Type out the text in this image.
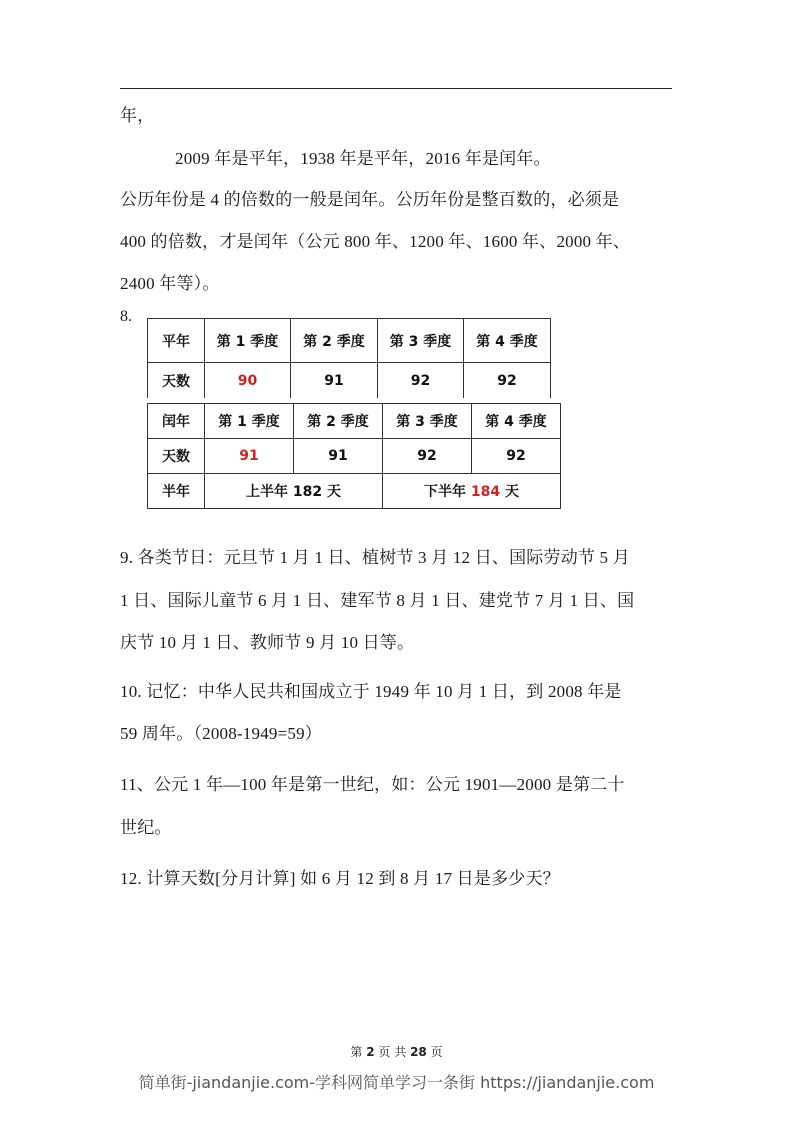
年，
2009 年是平年，1938 年是平年，2016 年是闰年。
公历年份是 4 的倍数的一般是闰年。公历年份是整百数的，必须是
400 的倍数，才是闰年（公元 800 年、1200 年、1600 年、2000 年、
2400 年等）。
8.
平年	第 1 季度	第 2 季度	第 3 季度	第 4 季度
天数	90	91	92	92
闰年	第 1 季度	第 2 季度	第 3 季度	第 4 季度
天数	91	91	92	92
半年	上半年 182 天		下半年 184 天	
9. 各类节日：元旦节 1 月 1 日、植树节 3 月 12 日、国际劳动节 5 月
1 日、国际儿童节 6 月 1 日、建军节 8 月 1 日、建党节 7 月 1 日、国
庆节 10 月 1 日、教师节 9 月 10 日等。
10. 记忆：中华人民共和国成立于 1949 年 10 月 1 日，到 2008 年是
59 周年。（2008-1949=59）
11、公元 1 年—100 年是第一世纪，如：公元 1901—2000 是第二十
世纪。
12. 计算天数[分月计算] 如 6 月 12 到 8 月 17 日是多少天？
第 2 页 共 28 页
简单街-jiandanjie.com-学科网简单学习一条街 https://jiandanjie.com
